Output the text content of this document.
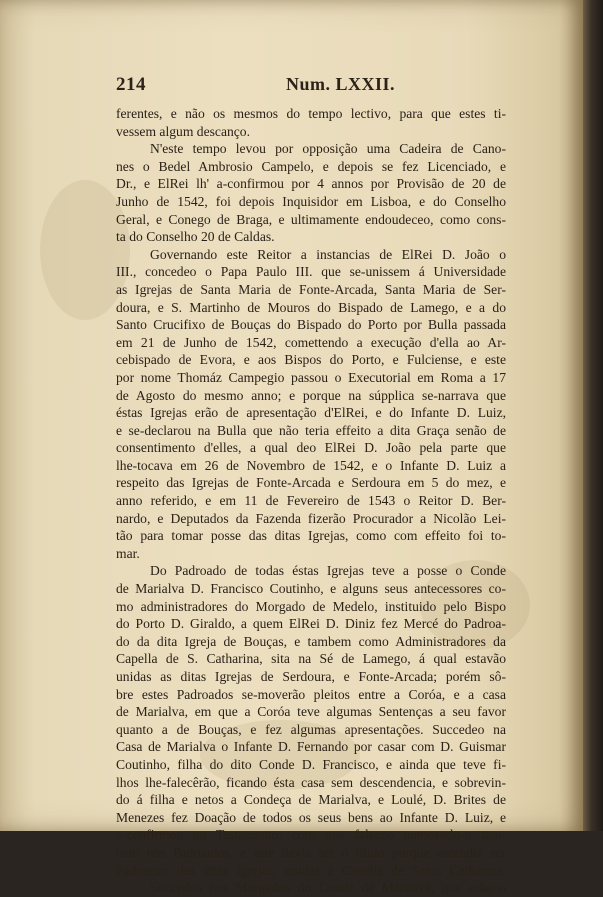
214	Num. LXXII.
ferentes, e não os mesmos do tempo lectivo, para que estes ti-
vessem algum descanço.
N'este tempo levou por opposição uma Cadeira de Cano-
nes o Bedel Ambrosio Campelo, e depois se fez Licenciado, e
Dr., e ElRei lh' a-confirmou por 4 annos por Provisão de 20 de
Junho de 1542, foi depois Inquisidor em Lisboa, e do Conselho
Geral, e Conego de Braga, e ultimamente endoudeceo, como cons-
ta do Conselho 20 de Caldas.
Governando este Reitor a instancias de ElRei D. João o
III., concedeo o Papa Paulo III. que se-unissem á Universidade
as Igrejas de Santa Maria de Fonte-Arcada, Santa Maria de Ser-
doura, e S. Martinho de Mouros do Bispado de Lamego, e a do
Santo Crucifixo de Bouças do Bispado do Porto por Bulla passada
em 21 de Junho de 1542, comettendo a execução d'ella ao Ar-
cebispado de Evora, e aos Bispos do Porto, e Fulciense, e este
por nome Thomáz Campegio passou o Executorial em Roma a 17
de Agosto do mesmo anno; e porque na súpplica se-narrava que
éstas Igrejas erão de apresentação d'ElRei, e do Infante D. Luiz,
e se-declarou na Bulla que não teria effeito a dita Graça senão de
consentimento d'elles, a qual deo ElRei D. João pela parte que
lhe-tocava em 26 de Novembro de 1542, e o Infante D. Luiz a
respeito das Igrejas de Fonte-Arcada e Serdoura em 5 do mez, e
anno referido, e em 11 de Fevereiro de 1543 o Reitor D. Ber-
nardo, e Deputados da Fazenda fizerão Procurador a Nicolão Lei-
tão para tomar posse das ditas Igrejas, como com effeito foi to-
mar.
Do Padroado de todas éstas Igrejas teve a posse o Conde
de Marialva D. Francisco Coutinho, e alguns seus antecessores co-
mo administradores do Morgado de Medelo, instituido pelo Bispo
do Porto D. Giraldo, a quem ElRei D. Diniz fez Mercé do Padroa-
do da dita Igreja de Bouças, e tambem como Administradores da
Capella de S. Catharina, sita na Sé de Lamego, á qual estavão
unidas as ditas Igrejas de Serdoura, e Fonte-Arcada; porém sô-
bre estes Padroados se-moverão pleitos entre a Coróa, e a casa
de Marialva, em que a Coróa teve algumas Sentenças a seu favor
quanto a de Bouças, e fez algumas apresentações. Succedeo na
Casa de Marialva o Infante D. Fernando por casar com D. Guismar
Coutinho, filha do dito Conde D. Francisco, e ainda que teve fi-
lhos lhe-falecêrão, ficando ésta casa sem descendencia, e sobrevin-
do á filha e netos a Condeça de Marialva, e Loulé, D. Brites de
Menezes fez Doação de todos os seus bens ao Infante D. Luiz, e
a-confirmou no Testamento; com que faleceo nomeando-o tam-
bem nos Padroados, e este devia ser o titulo porque entendia ser
Padroeiro das ditas Igrejas, unidas á Capella de Santa Catharina.
Succedeo nos Morgados do Conde de Marialva, que erão o
